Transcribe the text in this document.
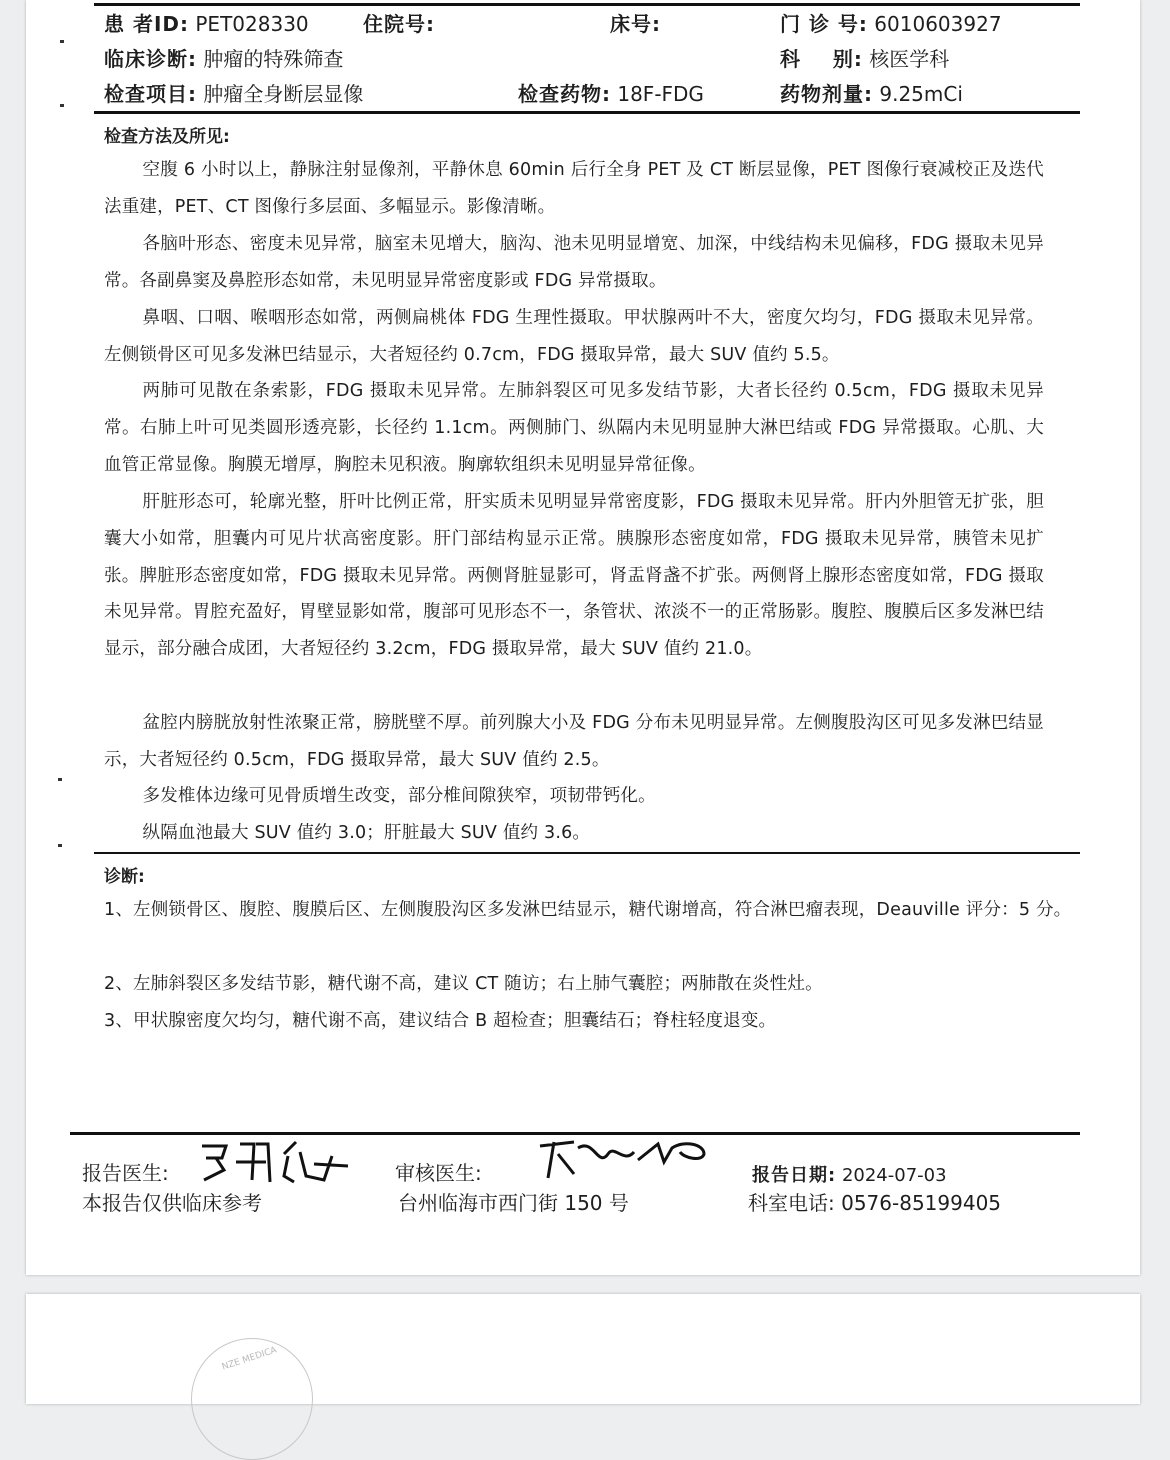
患 者ID: PET028330	住院号:	床号:	门 诊 号: 6010603927
临床诊断: 肿瘤的特殊筛查	科    别: 核医学科
检查项目: 肿瘤全身断层显像	检查药物: 18F-FDG	药物剂量: 9.25mCi
检查方法及所见:

空腹 6 小时以上，静脉注射显像剂，平静休息 60min 后行全身 PET 及 CT 断层显像，PET 图像行衰减校正及迭代法重建，PET、CT 图像行多层面、多幅显示。影像清晰。

各脑叶形态、密度未见异常，脑室未见增大，脑沟、池未见明显增宽、加深，中线结构未见偏移，FDG 摄取未见异常。各副鼻窦及鼻腔形态如常，未见明显异常密度影或 FDG 异常摄取。

鼻咽、口咽、喉咽形态如常，两侧扁桃体 FDG 生理性摄取。甲状腺两叶不大，密度欠均匀，FDG 摄取未见异常。左侧锁骨区可见多发淋巴结显示，大者短径约 0.7cm，FDG 摄取异常，最大 SUV 值约 5.5。

两肺可见散在条索影，FDG 摄取未见异常。左肺斜裂区可见多发结节影，大者长径约 0.5cm，FDG 摄取未见异常。右肺上叶可见类圆形透亮影，长径约 1.1cm。两侧肺门、纵隔内未见明显肿大淋巴结或 FDG 异常摄取。心肌、大血管正常显像。胸膜无增厚，胸腔未见积液。胸廓软组织未见明显异常征像。

肝脏形态可，轮廓光整，肝叶比例正常，肝实质未见明显异常密度影，FDG 摄取未见异常。肝内外胆管无扩张，胆囊大小如常，胆囊内可见片状高密度影。肝门部结构显示正常。胰腺形态密度如常，FDG 摄取未见异常，胰管未见扩张。脾脏形态密度如常，FDG 摄取未见异常。两侧肾脏显影可，肾盂肾盏不扩张。两侧肾上腺形态密度如常，FDG 摄取未见异常。胃腔充盈好，胃壁显影如常，腹部可见形态不一，条管状、浓淡不一的正常肠影。腹腔、腹膜后区多发淋巴结显示，部分融合成团，大者短径约 3.2cm，FDG 摄取异常，最大 SUV 值约 21.0。

盆腔内膀胱放射性浓聚正常，膀胱壁不厚。前列腺大小及 FDG 分布未见明显异常。左侧腹股沟区可见多发淋巴结显示，大者短径约 0.5cm，FDG 摄取异常，最大 SUV 值约 2.5。

多发椎体边缘可见骨质增生改变，部分椎间隙狭窄，项韧带钙化。

纵隔血池最大 SUV 值约 3.0；肝脏最大 SUV 值约 3.6。

诊断:

1、左侧锁骨区、腹腔、腹膜后区、左侧腹股沟区多发淋巴结显示，糖代谢增高，符合淋巴瘤表现，Deauville 评分：5 分。

2、左肺斜裂区多发结节影，糖代谢不高，建议 CT 随访；右上肺气囊腔；两肺散在炎性灶。

3、甲状腺密度欠均匀，糖代谢不高，建议结合 B 超检查；胆囊结石；脊柱轻度退变。

报告医生:	审核医生:	报告日期: 2024-07-03
本报告仅供临床参考	台州临海市西门街 150 号	科室电话: 0576-85199405
NZE MEDICA
